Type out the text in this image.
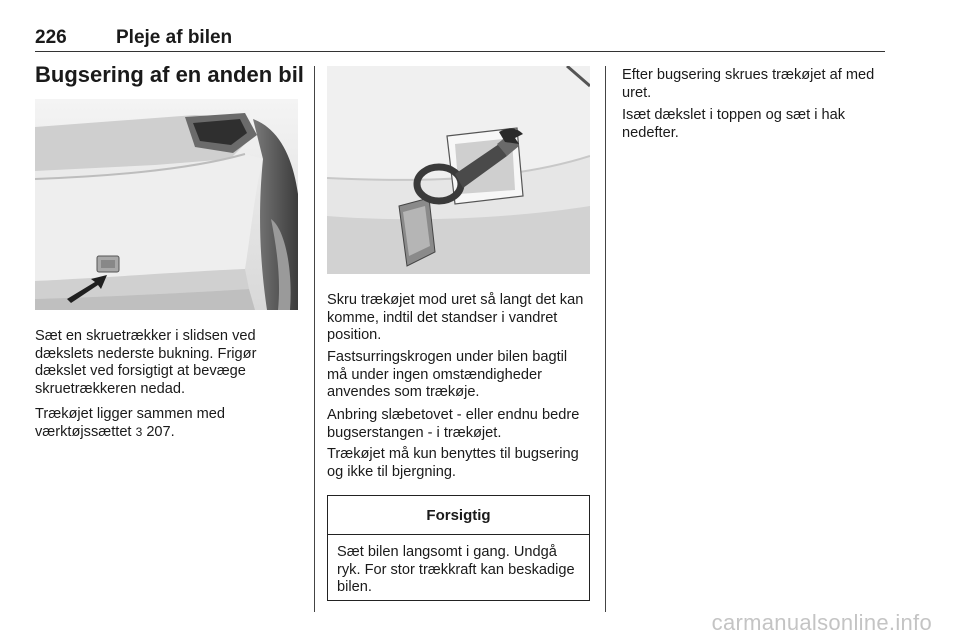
226	Pleje af bilen
Bugsering af en anden bil

Sæt en skruetrækker i slidsen ved dækslets nederste bukning. Frigør dækslet ved forsigtigt at bevæge skruetrækkeren nedad.

Trækøjet ligger sammen med værktøjssættet 3 207.

Skru trækøjet mod uret så langt det kan komme, indtil det standser i vandret position.

Fastsurringskrogen under bilen bagtil må under ingen omstændigheder anvendes som trækøje.

Anbring slæbetovet - eller endnu bedre bugserstangen - i trækøjet.

Trækøjet må kun benyttes til bugsering og ikke til bjergning.

Forsigtig
Sæt bilen langsomt i gang. Undgå ryk. For stor trækkraft kan beskadige bilen.

Efter bugsering skrues trækøjet af med uret.

Isæt dækslet i toppen og sæt i hak nedefter.

carmanualsonline.info
